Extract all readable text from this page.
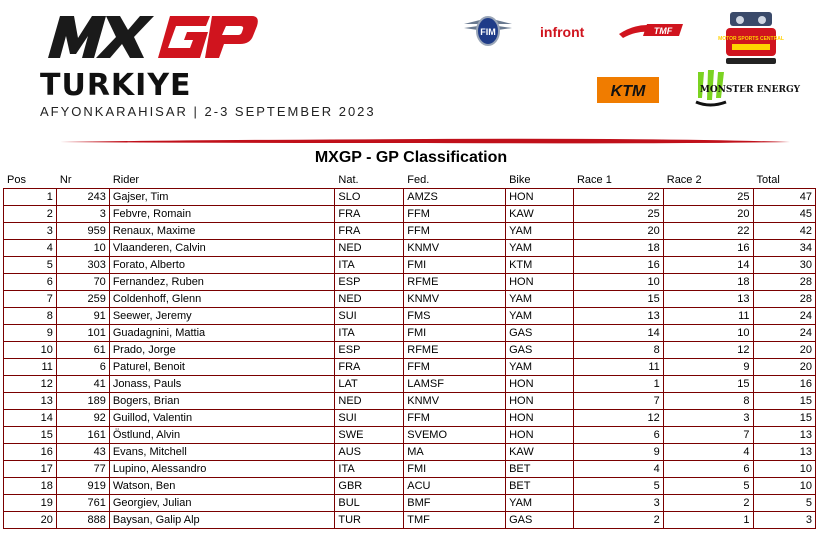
TURKIYE
AFYONKARAHISAR | 2-3 SEPTEMBER 2023
FIM	infront	TMF
MOTOR SPORTS CENTRAL
KTM	MONSTER ENERGY
MXGP - GP Classification
Pos	Nr	Rider	Nat.	Fed.	Bike	Race 1	Race 2	Total
1	243	Gajser, Tim	SLO	AMZS	HON	22	25	47
2	3	Febvre, Romain	FRA	FFM	KAW	25	20	45
3	959	Renaux, Maxime	FRA	FFM	YAM	20	22	42
4	10	Vlaanderen, Calvin	NED	KNMV	YAM	18	16	34
5	303	Forato, Alberto	ITA	FMI	KTM	16	14	30
6	70	Fernandez, Ruben	ESP	RFME	HON	10	18	28
7	259	Coldenhoff, Glenn	NED	KNMV	YAM	15	13	28
8	91	Seewer, Jeremy	SUI	FMS	YAM	13	11	24
9	101	Guadagnini, Mattia	ITA	FMI	GAS	14	10	24
10	61	Prado, Jorge	ESP	RFME	GAS	8	12	20
11	6	Paturel, Benoit	FRA	FFM	YAM	11	9	20
12	41	Jonass, Pauls	LAT	LAMSF	HON	1	15	16
13	189	Bogers, Brian	NED	KNMV	HON	7	8	15
14	92	Guillod, Valentin	SUI	FFM	HON	12	3	15
15	161	Östlund, Alvin	SWE	SVEMO	HON	6	7	13
16	43	Evans, Mitchell	AUS	MA	KAW	9	4	13
17	77	Lupino, Alessandro	ITA	FMI	BET	4	6	10
18	919	Watson, Ben	GBR	ACU	BET	5	5	10
19	761	Georgiev, Julian	BUL	BMF	YAM	3	2	5
20	888	Baysan, Galip Alp	TUR	TMF	GAS	2	1	3
